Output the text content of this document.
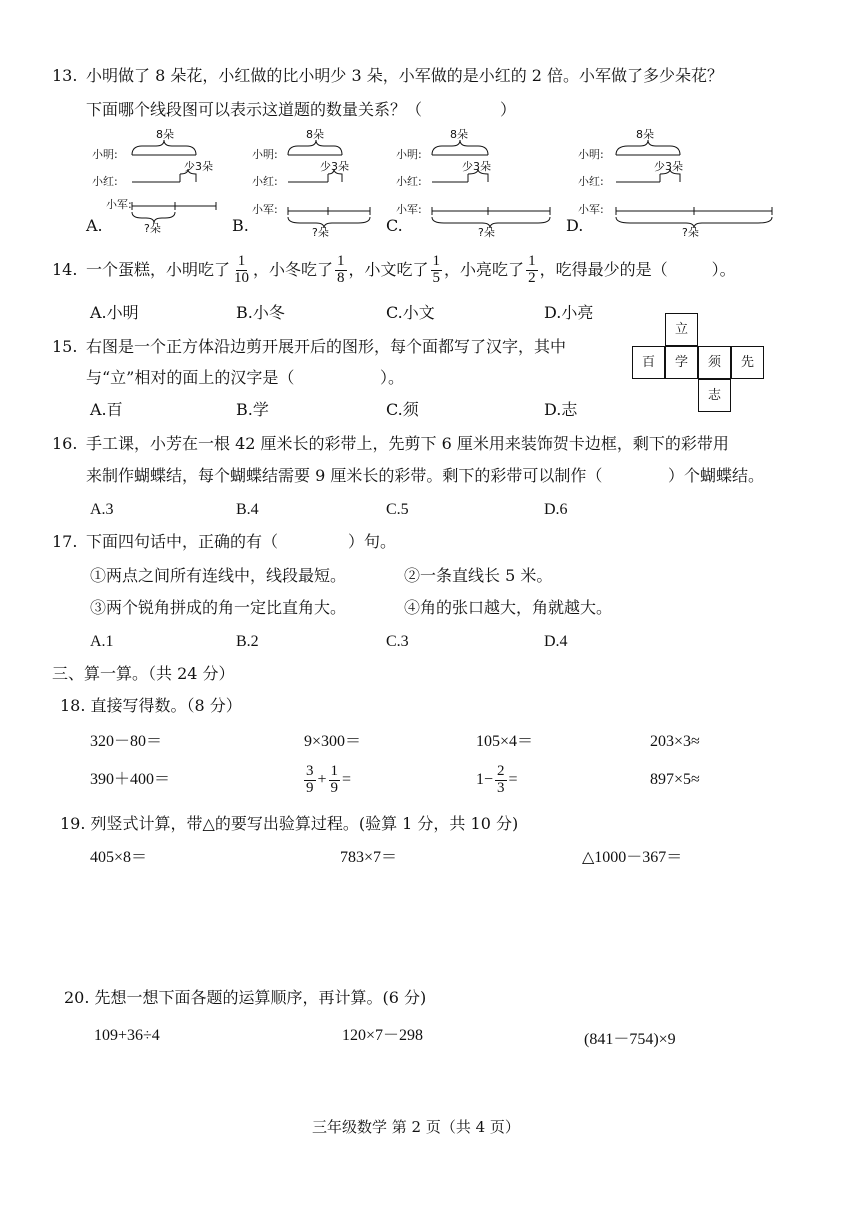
13. 小明做了 8 朵花，小红做的比小明少 3 朵，小军做的是小红的 2 倍。小军做了多少朵花？
下面哪个线段图可以表示这道题的数量关系？（	）
8朵
小明:
小红:
少3朵
小军:
?朵
A.
8朵
小明:
小红:
少3朵
小军:
?朵
B.
8朵
小明:
小红:
少3朵
小军:
?朵
C.
8朵
小明:
小红:
少3朵
小军:
?朵
D.
14. 一个蛋糕，小明吃了 $\frac{1}{10}$ ，小冬吃了 $\frac{1}{8}$ ，小文吃了 $\frac{1}{5}$ ，小亮吃了 $\frac{1}{2}$ ，吃得最少的是（	）。
A.小明	B.小冬	C.小文	D.小亮
15. 右图是一个正方体沿边剪开展开后的图形，每个面都写了汉字，其中
与“立”相对的面上的汉字是（	）。
A.百	B.学	C.须	D.志
立
百	学	须	先
志
16. 手工课，小芳在一根 42 厘米长的彩带上，先剪下 6 厘米用来装饰贺卡边框，剩下的彩带用
来制作蝴蝶结，每个蝴蝶结需要 9 厘米长的彩带。剩下的彩带可以制作（	）个蝴蝶结。
A.3	B.4	C.5	D.6
17. 下面四句话中，正确的有（	）句。
①两点之间所有连线中，线段最短。	②一条直线长 5 米。
③两个锐角拼成的角一定比直角大。	④角的张口越大，角就越大。
A.1	B.2	C.3	D.4
三、算一算。（共 24 分）
18. 直接写得数。（8 分）
320－80＝	9×300＝	105×4＝	203×3≈
390＋400＝	$\frac{3}{9} + \frac{1}{9}$ =	$1- \frac{2}{3}$ =	897×5≈
19. 列竖式计算，带△的要写出验算过程。(验算 1 分，共 10 分)
405×8＝	783×7＝	△1000－367＝
20. 先想一想下面各题的运算顺序，再计算。(6 分)
109+36÷4	120×7－298	(841－754)×9
三年级数学 第 2 页（共 4 页）
